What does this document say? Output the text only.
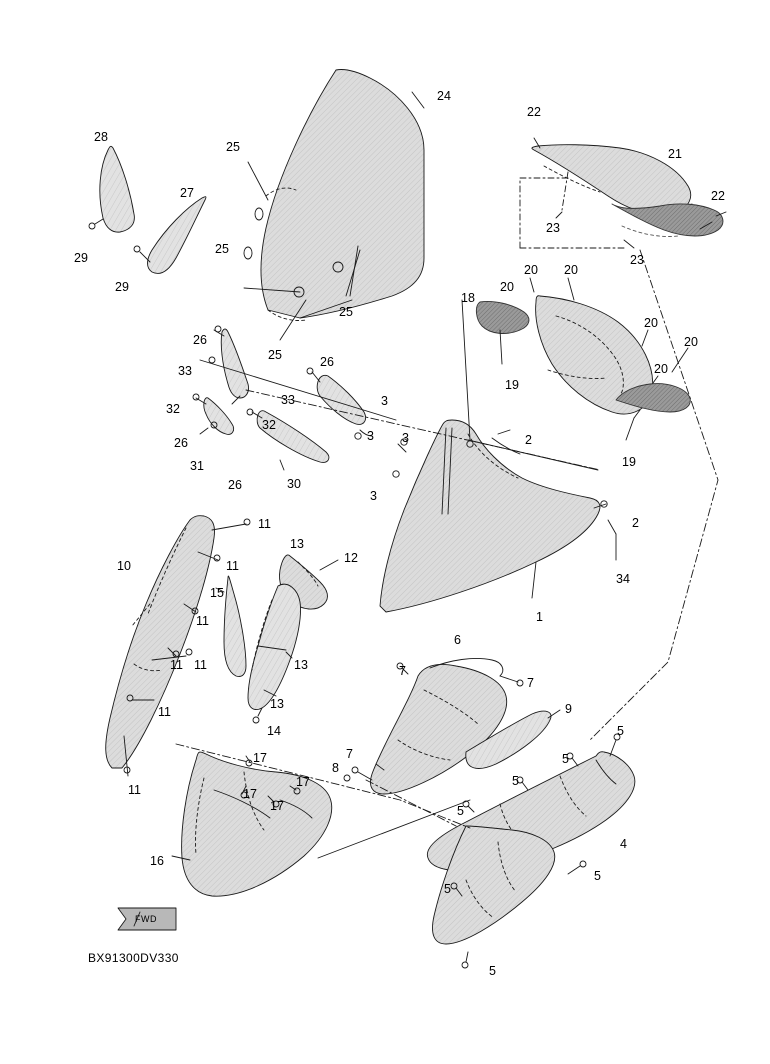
24
22
21
28
25
22
27
23
29
25
23
29
20 20
25
18
20
20
20
26
25	26	20
33
19
33	3
32
32
3 3	2
26
19
31
26	30
3
2
11
13
12
10	11
34
15
11	1
6
11 11	13	7
7
9
13
11
14	5
17	7	5
11
8
17
17
17
5
5
4
16
5
5
5
FWD
BX91300DV330
